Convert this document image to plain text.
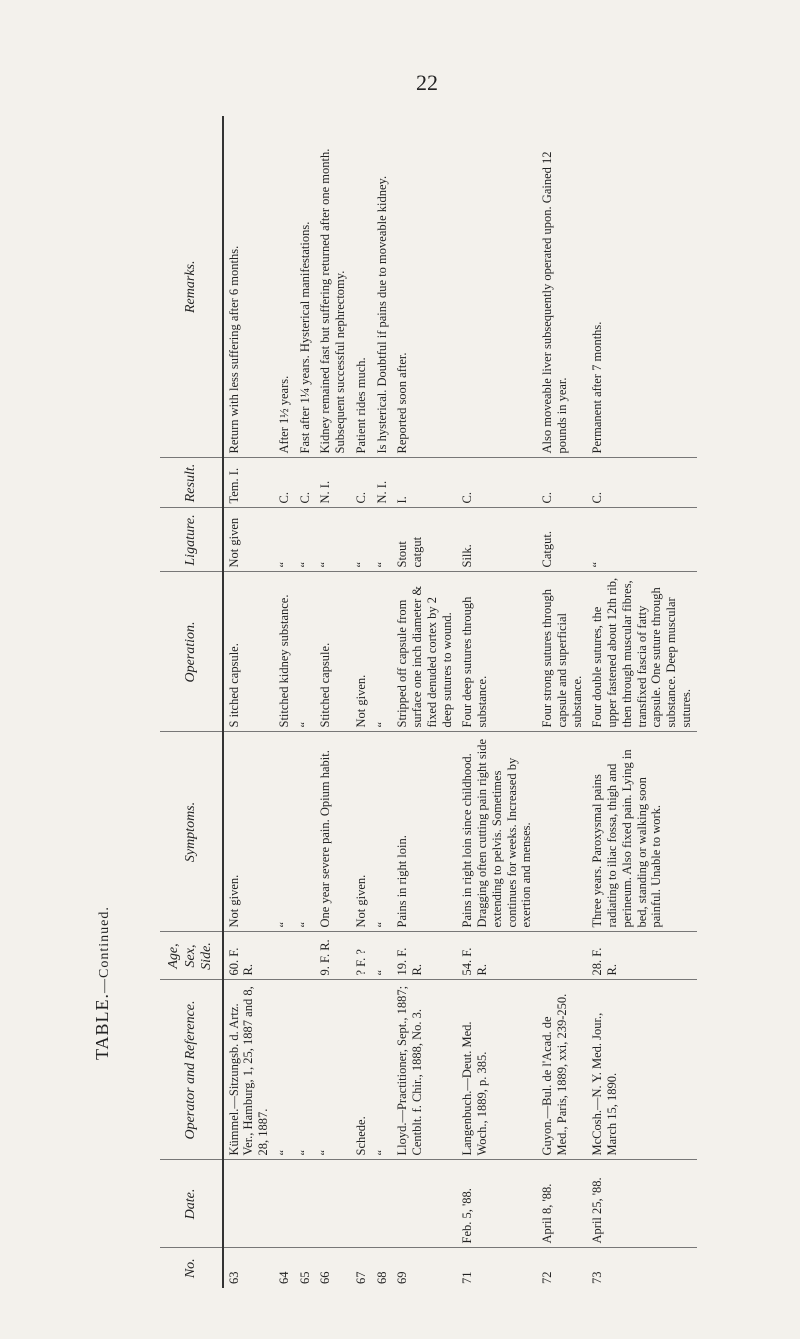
22
TABLE.—Continued.
No.	Date.	Operator and Reference.	Age, Sex, Side.	Symptoms.	Operation.	Ligature.	Result.	Remarks.
63		Kümmel.—Sitzungsb. d. Artz. Ver., Hamburg, 1, 25, 1887 and 8, 28, 1887.	60. F. R.	Not given.	S itched capsule.	Not given	Tem. I.	Return with less suffering after 6 months.
64		“		“	Stitched kidney substance.	“	C.	After 1½ years.
65		“		“	“	“	C.	Fast after 1¼ years. Hysterical manifestations.
66		“	9. F. R.	One year severe pain. Opium habit.	Stitched capsule.	“	N. I.	Kidney remained fast but suffering returned after one month. Subsequent successful nephrectomy.
67		Schede.	? F. ?	Not given.	Not given.	“	C.	Patient rides much.
68		“	“	“	“	“	N. I.	Is hysterical. Doubtful if pains due to moveable kidney.
69		Lloyd.—Practitioner, Sept., 1887; Centblt. f. Chir., 1888, No. 3.	19. F. R.	Pains in right loin.	Stripped off capsule from surface one inch diameter & fixed denuded cortex by 2 deep sutures to wound.	Stout catgut	I.	Reported soon after.
71	Feb. 5, '88.	Langenbuch.—Deut. Med. Woch., 1889, p. 385.	54. F. R.	Pains in right loin since childhood. Dragging often cutting pain right side extending to pelvis. Sometimes continues for weeks. Increased by exertion and menses.	Four deep sutures through substance.	Silk.	C.	
72	April 8, '88.	Guyon.—Bul. de l'Acad. de Med., Paris, 1889, xxi, 239-250.			Four strong sutures through capsule and superficial substance.	Catgut.	C.	Also moveable liver subsequently operated upon. Gained 12 pounds in year.
73	April 25, '88.	McCosh.—N. Y. Med. Jour., March 15, 1890.	28. F. R.	Three years. Paroxysmal pains radiating to iliac fossa, thigh and perineum. Also fixed pain. Lying in bed, standing or walking soon painful. Unable to work.	Four double sutures, the upper fastened about 12th rib, then through muscular fibres, transfixed fascia of fatty capsule. One suture through substance. Deep muscular sutures.	“	C.	Permanent after 7 months.
